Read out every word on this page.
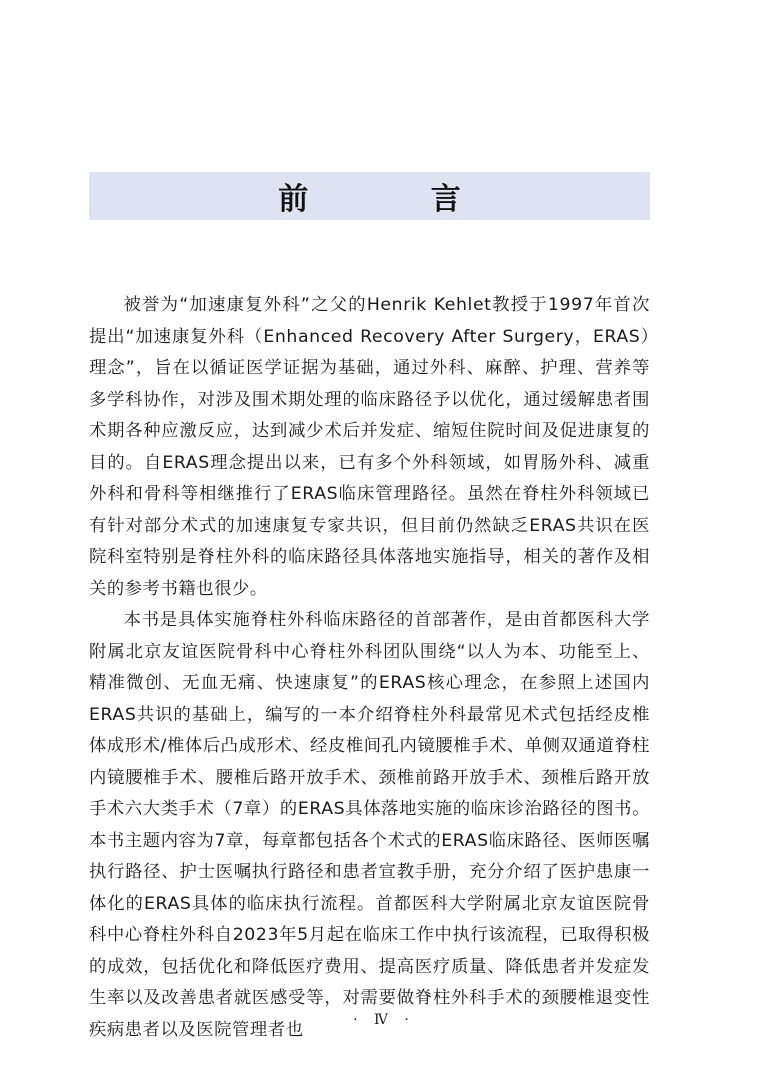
前 言

被誉为“加速康复外科”之父的Henrik Kehlet教授于1997年首次提出“加速康复外科（Enhanced Recovery After Surgery，ERAS）理念”，旨在以循证医学证据为基础，通过外科、麻醉、护理、营养等多学科协作，对涉及围术期处理的临床路径予以优化，通过缓解患者围术期各种应激反应，达到减少术后并发症、缩短住院时间及促进康复的目的。自ERAS理念提出以来，已有多个外科领域，如胃肠外科、减重外科和骨科等相继推行了ERAS临床管理路径。虽然在脊柱外科领域已有针对部分术式的加速康复专家共识，但目前仍然缺乏ERAS共识在医院科室特别是脊柱外科的临床路径具体落地实施指导，相关的著作及相关的参考书籍也很少。

本书是具体实施脊柱外科临床路径的首部著作，是由首都医科大学附属北京友谊医院骨科中心脊柱外科团队围绕“以人为本、功能至上、精准微创、无血无痛、快速康复”的ERAS核心理念，在参照上述国内ERAS共识的基础上，编写的一本介绍脊柱外科最常见术式包括经皮椎体成形术/椎体后凸成形术、经皮椎间孔内镜腰椎手术、单侧双通道脊柱内镜腰椎手术、腰椎后路开放手术、颈椎前路开放手术、颈椎后路开放手术六大类手术（7章）的ERAS具体落地实施的临床诊治路径的图书。本书主题内容为7章，每章都包括各个术式的ERAS临床路径、医师医嘱执行路径、护士医嘱执行路径和患者宣教手册，充分介绍了医护患康一体化的ERAS具体的临床执行流程。首都医科大学附属北京友谊医院骨科中心脊柱外科自2023年5月起在临床工作中执行该流程，已取得积极的成效，包括优化和降低医疗费用、提高医疗质量、降低患者并发症发生率以及改善患者就医感受等，对需要做脊柱外科手术的颈腰椎退变性疾病患者以及医院管理者也	· Ⅳ ·
